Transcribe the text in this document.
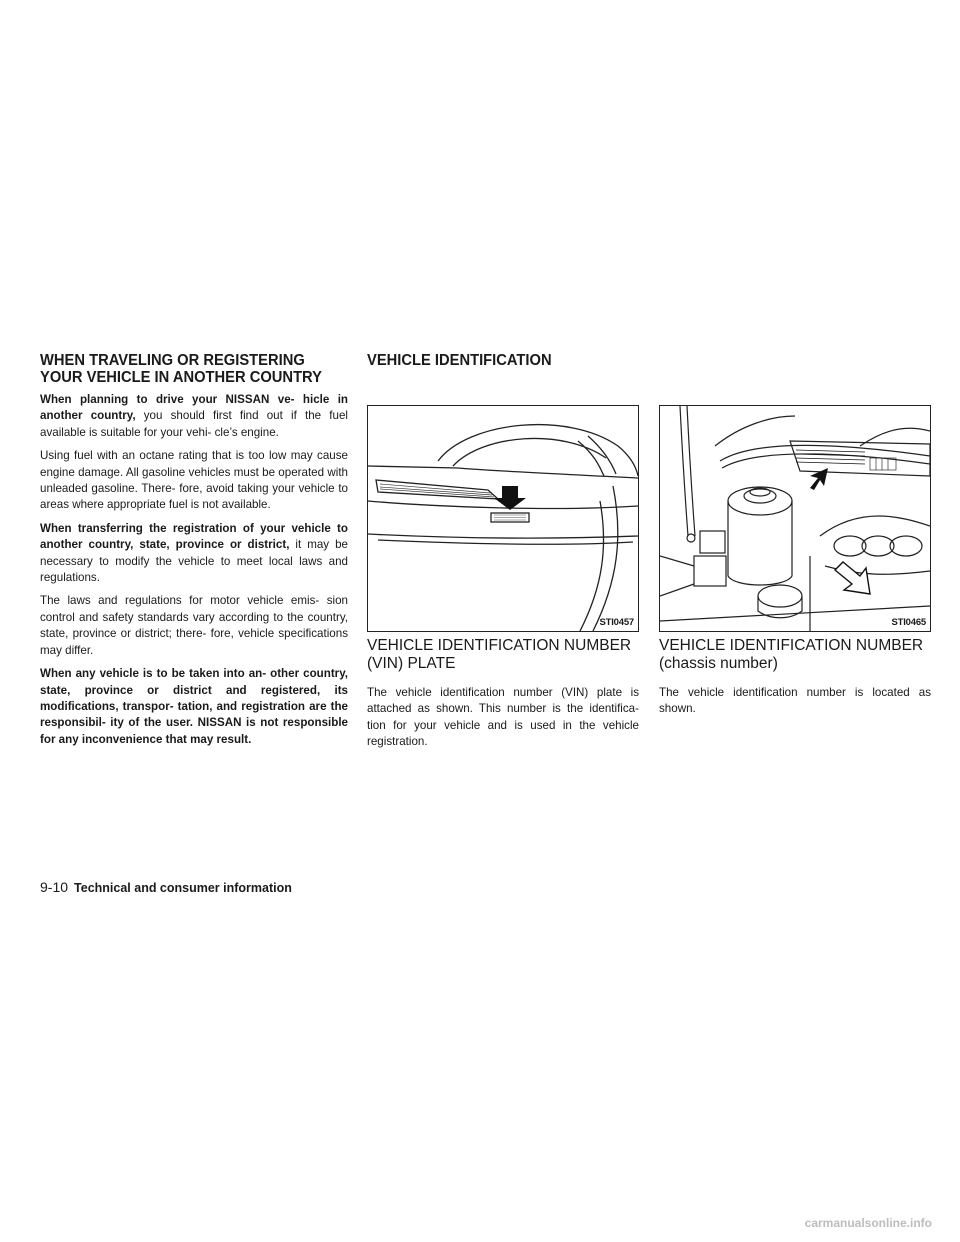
WHEN TRAVELING OR REGISTERING YOUR VEHICLE IN ANOTHER COUNTRY

When planning to drive your NISSAN ve- hicle in another country, you should first find out if the fuel available is suitable for your vehi- cle’s engine.

Using fuel with an octane rating that is too low may cause engine damage. All gasoline vehicles must be operated with unleaded gasoline. There- fore, avoid taking your vehicle to areas where appropriate fuel is not available.

When transferring the registration of your vehicle to another country, state, province or district, it may be necessary to modify the vehicle to meet local laws and regulations.

The laws and regulations for motor vehicle emis- sion control and safety standards vary according to the country, state, province or district; there- fore, vehicle specifications may differ.

When any vehicle is to be taken into an- other country, state, province or district and registered, its modifications, transpor- tation, and registration are the responsibil- ity of the user. NISSAN is not responsible for any inconvenience that may result.

VEHICLE IDENTIFICATION
STI0457	STI0465
VEHICLE IDENTIFICATION NUMBER (VIN) PLATE

The vehicle identification number (VIN) plate is attached as shown. This number is the identifica- tion for your vehicle and is used in the vehicle registration.

VEHICLE IDENTIFICATION NUMBER (chassis number)

The vehicle identification number is located as shown.

9-10 Technical and consumer information
carmanualsonline.info
